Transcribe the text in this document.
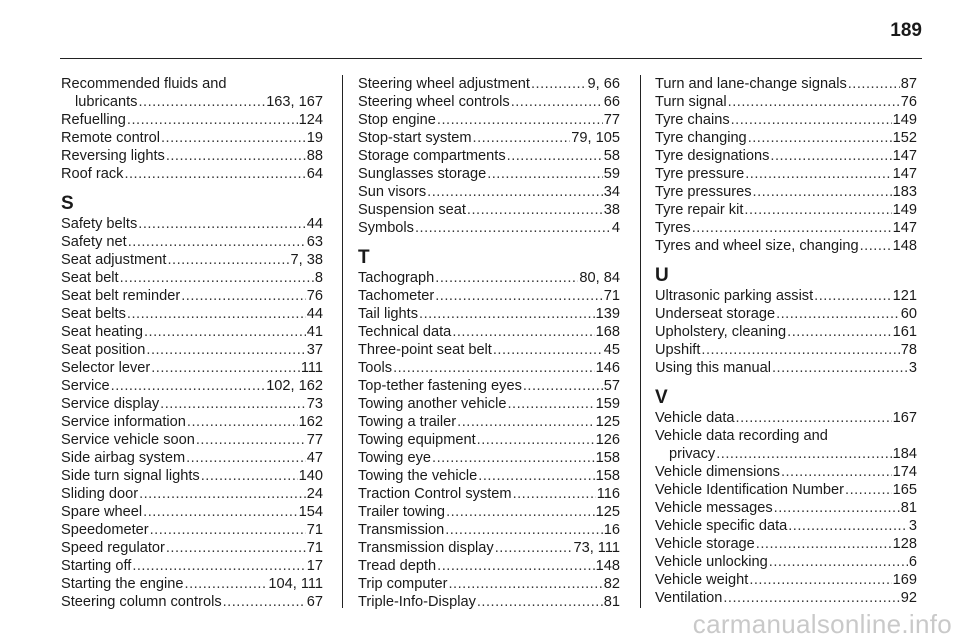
189
Recommended fluids and
lubricants .....	163, 167
Refuelling .....	124
Remote control .....	19
Reversing lights .....	88
Roof rack .....	64
S
Safety belts .....	44
Safety net .....	63
Seat adjustment .....	7, 38
Seat belt .....	8
Seat belt reminder .....	76
Seat belts .....	44
Seat heating .....	41
Seat position .....	37
Selector lever .....	111
Service .....	102, 162
Service display .....	73
Service information .....	162
Service vehicle soon .....	77
Side airbag system .....	47
Side turn signal lights .....	140
Sliding door .....	24
Spare wheel .....	154
Speedometer .....	71
Speed regulator .....	71
Starting off .....	17
Starting the engine .....	104, 111
Steering column controls .....	67
Steering wheel adjustment .....	9, 66
Steering wheel controls .....	66
Stop engine .....	77
Stop-start system .....	79, 105
Storage compartments .....	58
Sunglasses storage .....	59
Sun visors .....	34
Suspension seat .....	38
Symbols .....	4
T
Tachograph .....	80, 84
Tachometer .....	71
Tail lights .....	139
Technical data .....	168
Three-point seat belt .....	45
Tools .....	146
Top-tether fastening eyes .....	57
Towing another vehicle .....	159
Towing a trailer .....	125
Towing equipment .....	126
Towing eye .....	158
Towing the vehicle .....	158
Traction Control system .....	116
Trailer towing .....	125
Transmission .....	16
Transmission display .....	73, 111
Tread depth .....	148
Trip computer .....	82
Triple-Info-Display .....	81
Turn and lane-change signals .....	87
Turn signal .....	76
Tyre chains .....	149
Tyre changing .....	152
Tyre designations .....	147
Tyre pressure .....	147
Tyre pressures .....	183
Tyre repair kit .....	149
Tyres .....	147
Tyres and wheel size, changing ..... 148
U
Ultrasonic parking assist .....	121
Underseat storage .....	60
Upholstery, cleaning .....	161
Upshift .....	78
Using this manual .....	3
V
Vehicle data .....	167
Vehicle data recording and
privacy .....	184
Vehicle dimensions .....	174
Vehicle Identification Number .....	165
Vehicle messages .....	81
Vehicle specific data .....	3
Vehicle storage .....	128
Vehicle unlocking .....	6
Vehicle weight .....	169
Ventilation .....	92
carmanualsonline.info
